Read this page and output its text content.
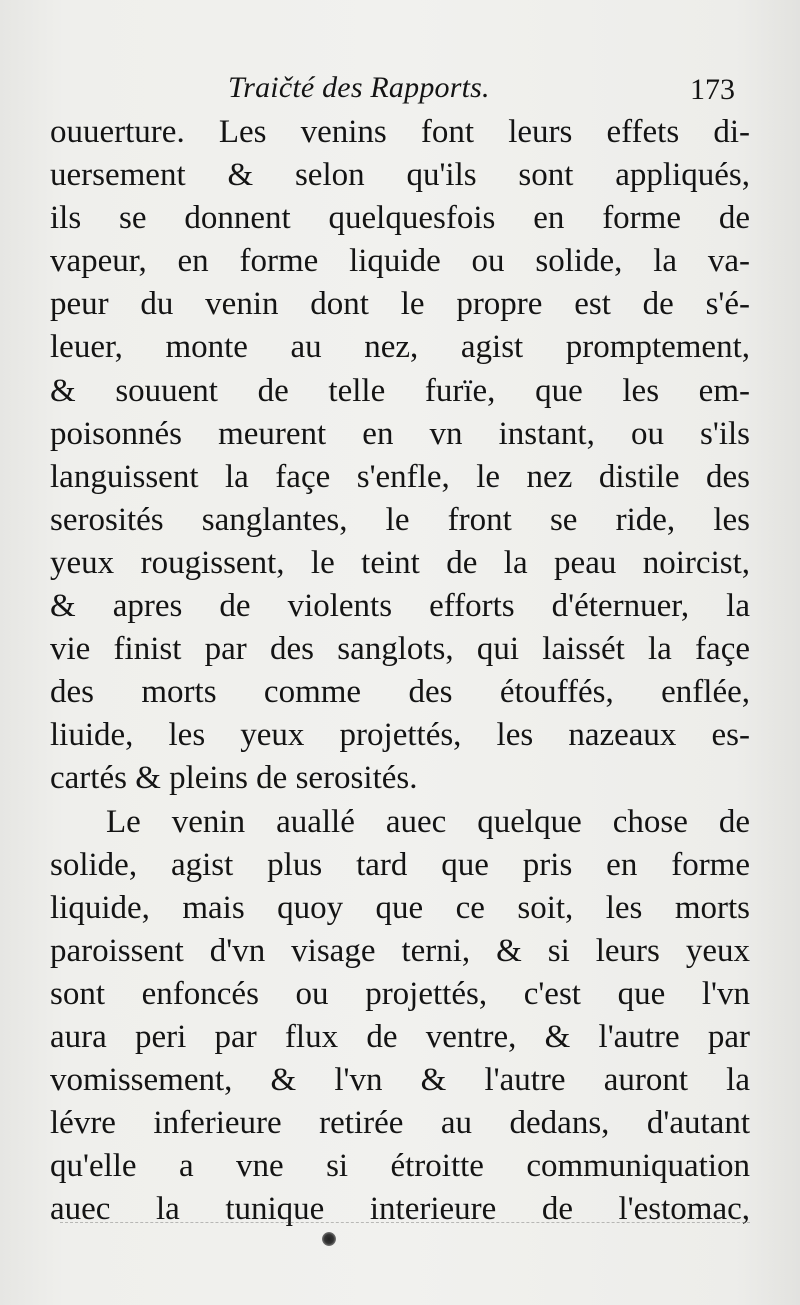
Traičté des Rapports.	173
ouuerture. Les venins font leurs effets di-
uersement & selon qu'ils sont appliqués,
ils se donnent quelquesfois en forme de
vapeur, en forme liquide ou solide, la va-
peur du venin dont le propre est de s'é-
leuer, monte au nez, agist promptement,
& souuent de telle furïe, que les em-
poisonnés meurent en vn instant, ou s'ils
languissent la façe s'enfle, le nez distile des
serosités sanglantes, le front se ride, les
yeux rougissent, le teint de la peau noircist,
& apres de violents efforts d'éternuer, la
vie finist par des sanglots, qui laissét la façe
des morts comme des étouffés, enflée,
liuide, les yeux projettés, les nazeaux es-
cartés & pleins de serosités.
Le venin auallé auec quelque chose de
solide, agist plus tard que pris en forme
liquide, mais quoy que ce soit, les morts
paroissent d'vn visage terni, & si leurs yeux
sont enfoncés ou projettés, c'est que l'vn
aura peri par flux de ventre, & l'autre par
vomissement, & l'vn & l'autre auront la
lévre inferieure retirée au dedans, d'autant
qu'elle a vne si étroitte communiquation
auec la tunique interieure de l'estomac,
